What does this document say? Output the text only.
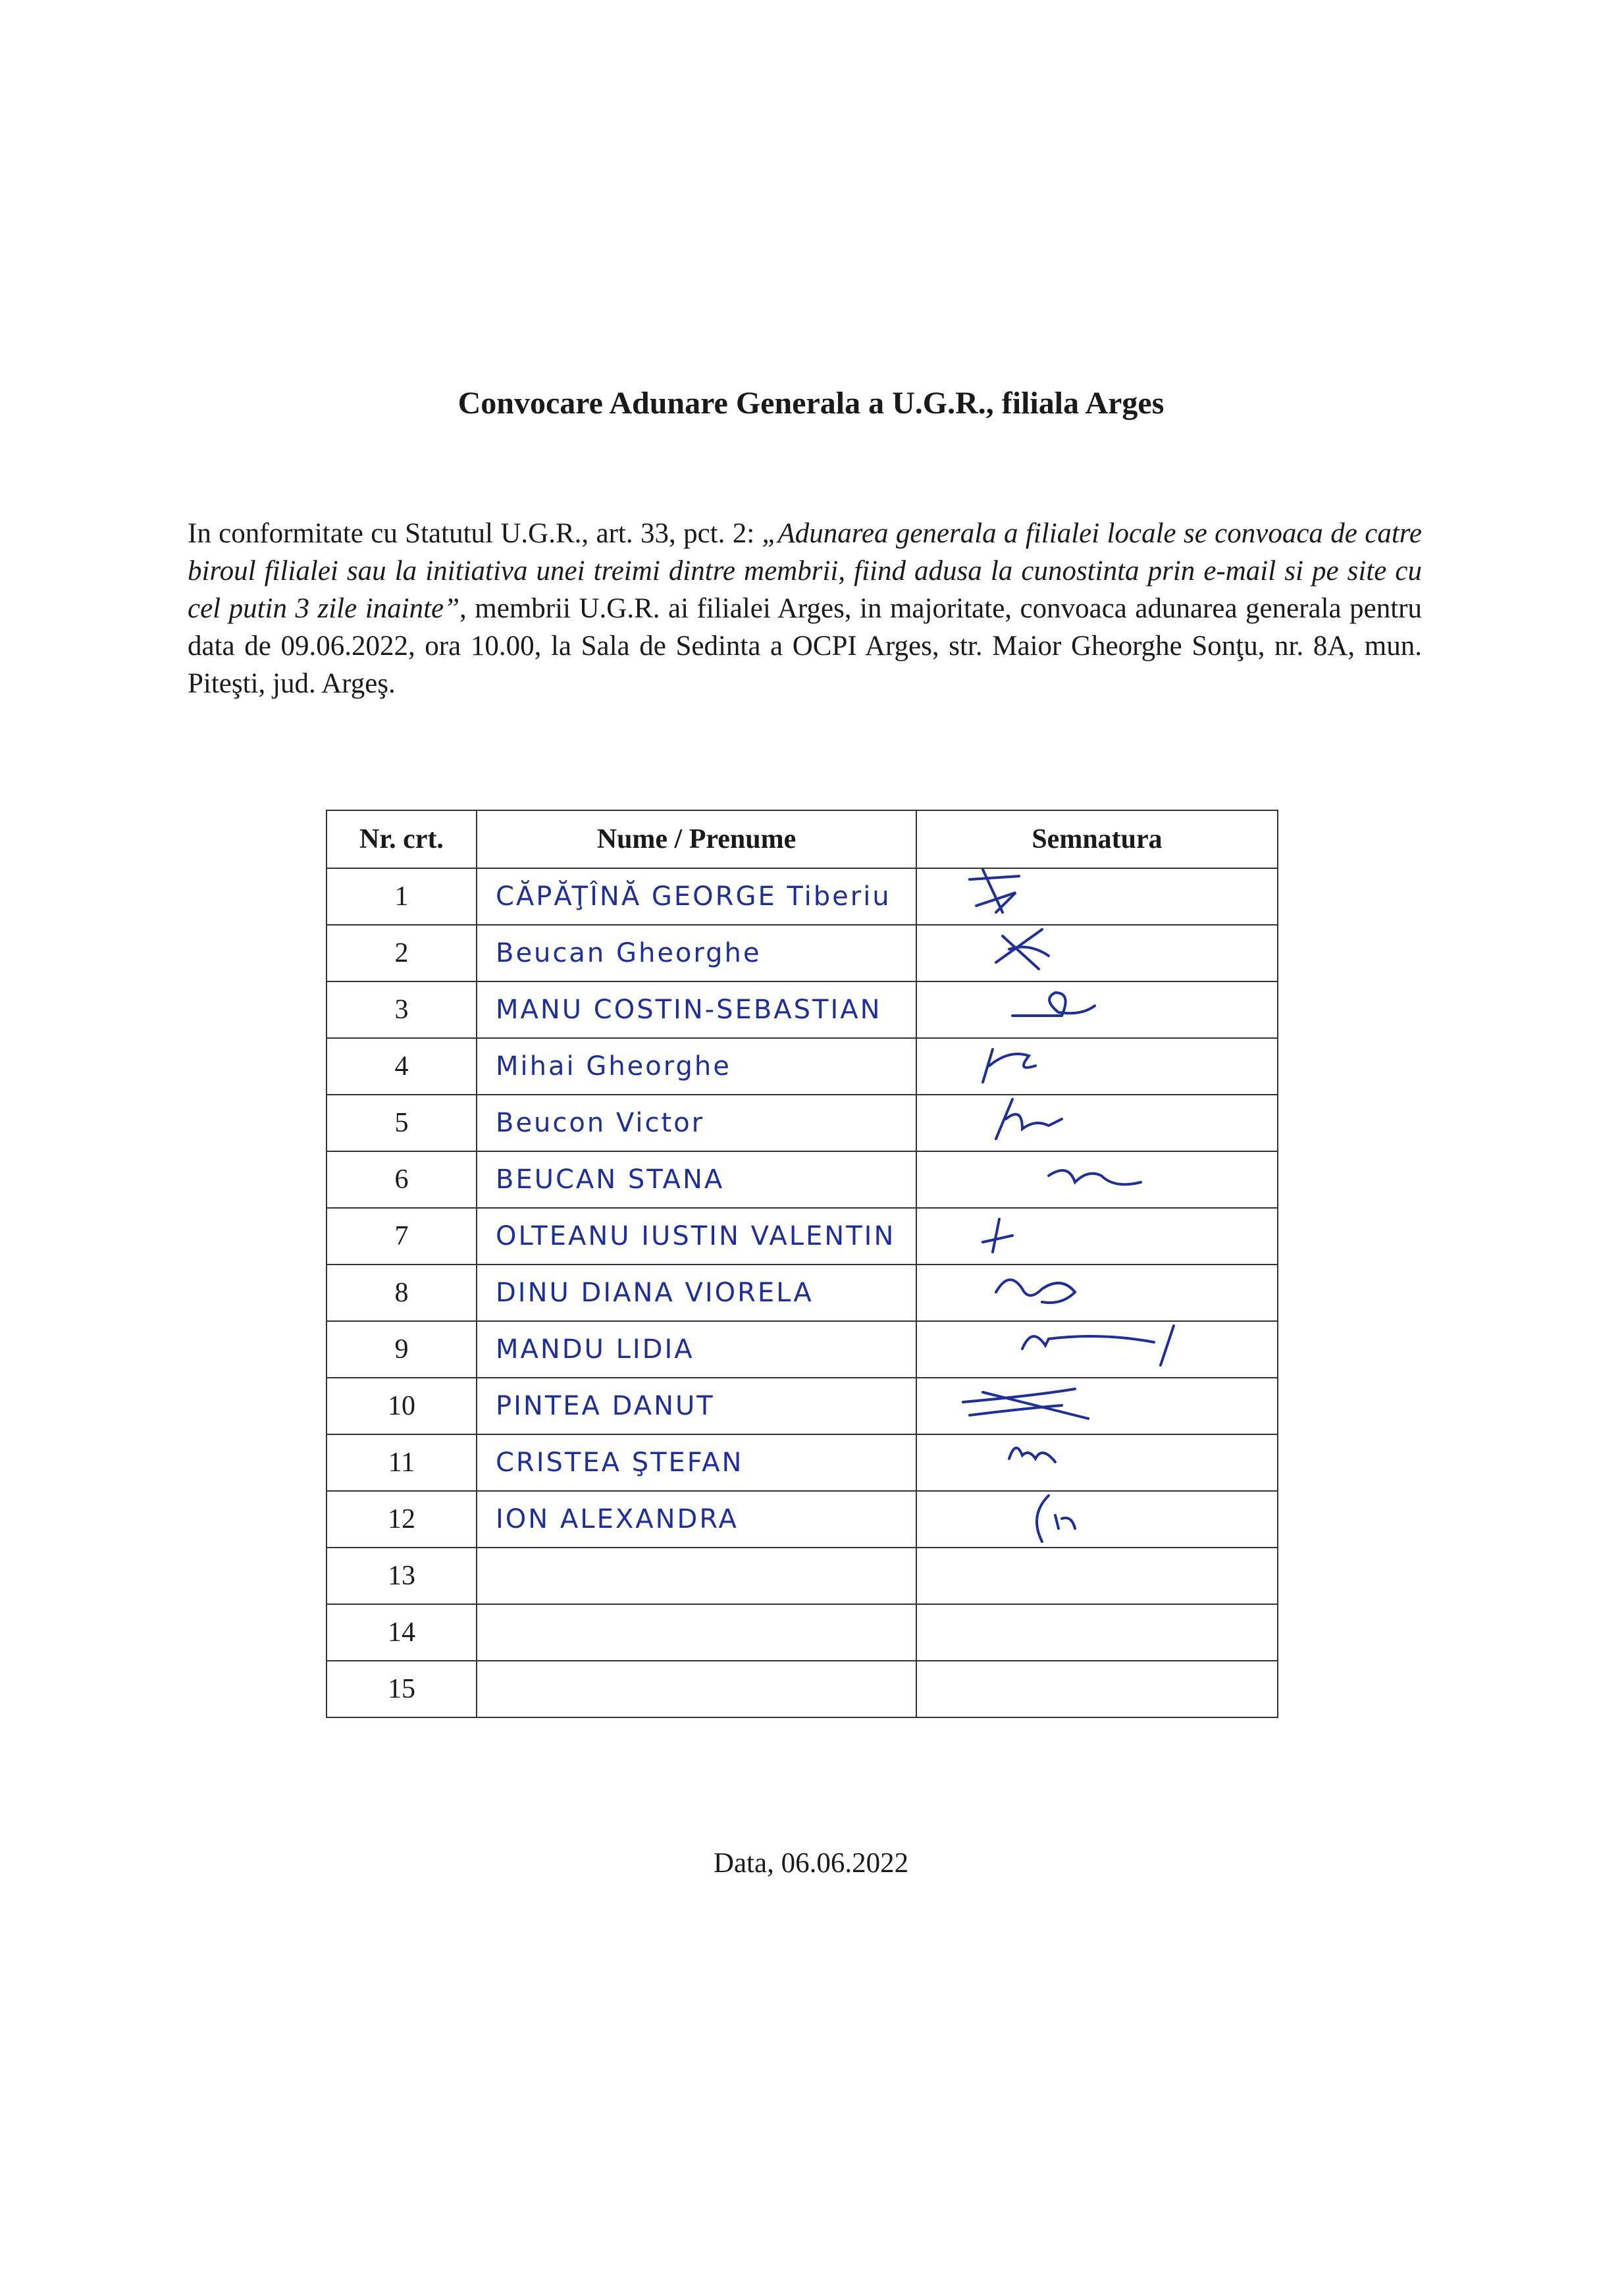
Convocare Adunare Generala a U.G.R., filiala Arges

In conformitate cu Statutul U.G.R., art. 33, pct. 2: „Adunarea generala a filialei locale se convoaca de catre biroul filialei sau la initiativa unei treimi dintre membrii, fiind adusa la cunostinta prin e-mail si pe site cu cel putin 3 zile inainte”, membrii U.G.R. ai filialei Arges, in majoritate, convoaca adunarea generala pentru data de 09.06.2022, ora 10.00, la Sala de Sedinta a OCPI Arges, str. Maior Gheorghe Sonţu, nr. 8A, mun. Piteşti, jud. Argeş.

Nr. crt.	Nume / Prenume	Semnatura
1	CĂPĂŢÎNĂ GEORGE Tiberiu	

2	Beucan Gheorghe	

3	MANU COSTIN-SEBASTIAN	

4	Mihai Gheorghe	

5	Beucon Victor	

6	BEUCAN STANA	

7	OLTEANU IUSTIN VALENTIN	

8	DINU DIANA VIORELA	

9	MANDU LIDIA	

10	PINTEA DANUT	

11	CRISTEA ŞTEFAN	

12	ION ALEXANDRA	

13		
14		
15		

Data, 06.06.2022
